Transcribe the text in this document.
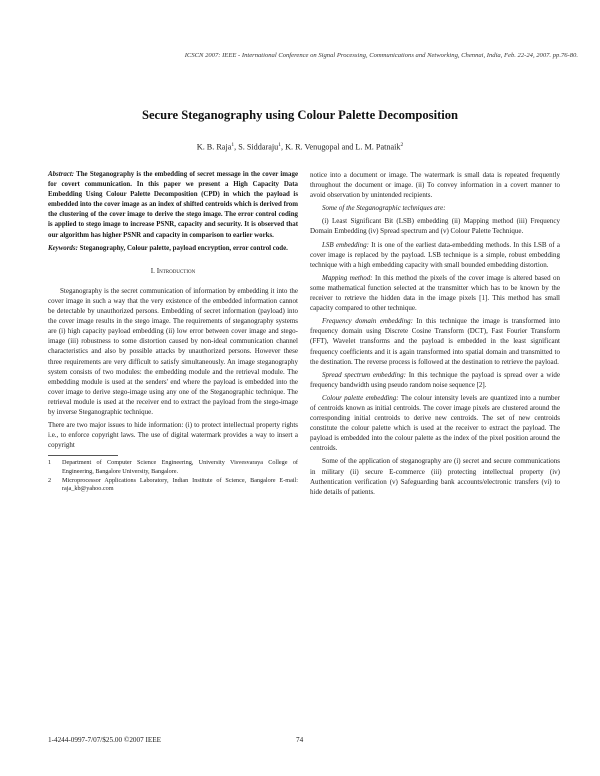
ICSCN 2007: IEEE - International Conference on Signal Processing, Communications and Networking, Chennai, India, Feb. 22-24, 2007. pp.76-80.
Secure Steganography using Colour Palette Decomposition
K. B. Raja$^1$, S. Siddaraju$^1$, K. R. Venugopal and L. M. Patnaik$^2$

Abstract: The Steganography is the embedding of secret message in the cover image for covert communication. In this paper we present a High Capacity Data Embedding Using Colour Palette Decomposition (CPD) in which the payload is embedded into the cover image as an index of shifted centroids which is derived from the clustering of the cover image to derive the stego image. The error control coding is applied to stego image to increase PSNR, capacity and security. It is observed that our algorithm has higher PSNR and capacity in comparison to earlier works.

Keywords: Steganography, Colour palette, payload encryption, error control code.

I. Introduction

Steganography is the secret communication of information by embedding it into the cover image in such a way that the very existence of the embedded information cannot be detectable by unauthorized persons. Embedding of secret information (payload) into the cover image results in the stego image. The requirements of steganography systems are (i) high capacity payload embedding (ii) low error between cover image and stego-image (iii) robustness to some distortion caused by non-ideal communication channel characteristics and also by possible attacks by unauthorized persons. However these three requirements are very difficult to satisfy simultaneously. An image steganography system consists of two modules: the embedding module and the retrieval module. The embedding module is used at the senders' end where the payload is embedded into the cover image to derive stego-image using any one of the Steganographic technique. The retrieval module is used at the receiver end to extract the payload from the stego-image by inverse Steganographic technique.

There are two major issues to hide information: (i) to protect intellectual property rights i.e., to enforce copyright laws. The use of digital watermark provides a way to insert a copyright

1	Department of Computer Science Engineering, University Visvesvaraya College of Engineering, Bangalore University, Bangalore.

2	Microprocessor Applications Laboratory, Indian Institute of Science, Bangalore E-mail: raja_kb@yahoo.com

notice into a document or image. The watermark is small data is repeated frequently throughout the document or image. (ii) To convey information in a covert manner to avoid observation by unintended recipients.

Some of the Steganographic techniques are:

(i) Least Significant Bit (LSB) embedding (ii) Mapping method (iii) Frequency Domain Embedding (iv) Spread spectrum and (v) Colour Palette Technique.

LSB embedding: It is one of the earliest data-embedding methods. In this LSB of a cover image is replaced by the payload. LSB technique is a simple, robust embedding technique with a high embedding capacity with small bounded embedding distortion.

Mapping method: In this method the pixels of the cover image is altered based on some mathematical function selected at the transmitter which has to be known by the receiver to retrieve the hidden data in the image pixels [1]. This method has small capacity compared to other technique.

Frequency domain embedding: In this technique the image is transformed into frequency domain using Discrete Cosine Transform (DCT), Fast Fourier Transform (FFT), Wavelet transforms and the payload is embedded in the least significant frequency coefficients and it is again transformed into spatial domain and transmitted to the destination. The reverse process is followed at the destination to retrieve the payload.

Spread spectrum embedding: In this technique the payload is spread over a wide frequency bandwidth using pseudo random noise sequence [2].

Colour palette embedding: The colour intensity levels are quantized into a number of centroids known as initial centroids. The cover image pixels are clustered around the corresponding initial centroids to derive new centroids. The set of new centroids constitute the colour palette which is used at the receiver to extract the payload. The payload is embedded into the colour palette as the index of the pixel position around the centroids.

Some of the application of steganography are (i) secret and secure communications in military (ii) secure E-commerce (iii) protecting intellectual property (iv) Authentication verification (v) Safeguarding bank accounts/electronic transfers (vi) to hide details of patients.

1-4244-0997-7/07/$25.00 ©2007 IEEE	74
